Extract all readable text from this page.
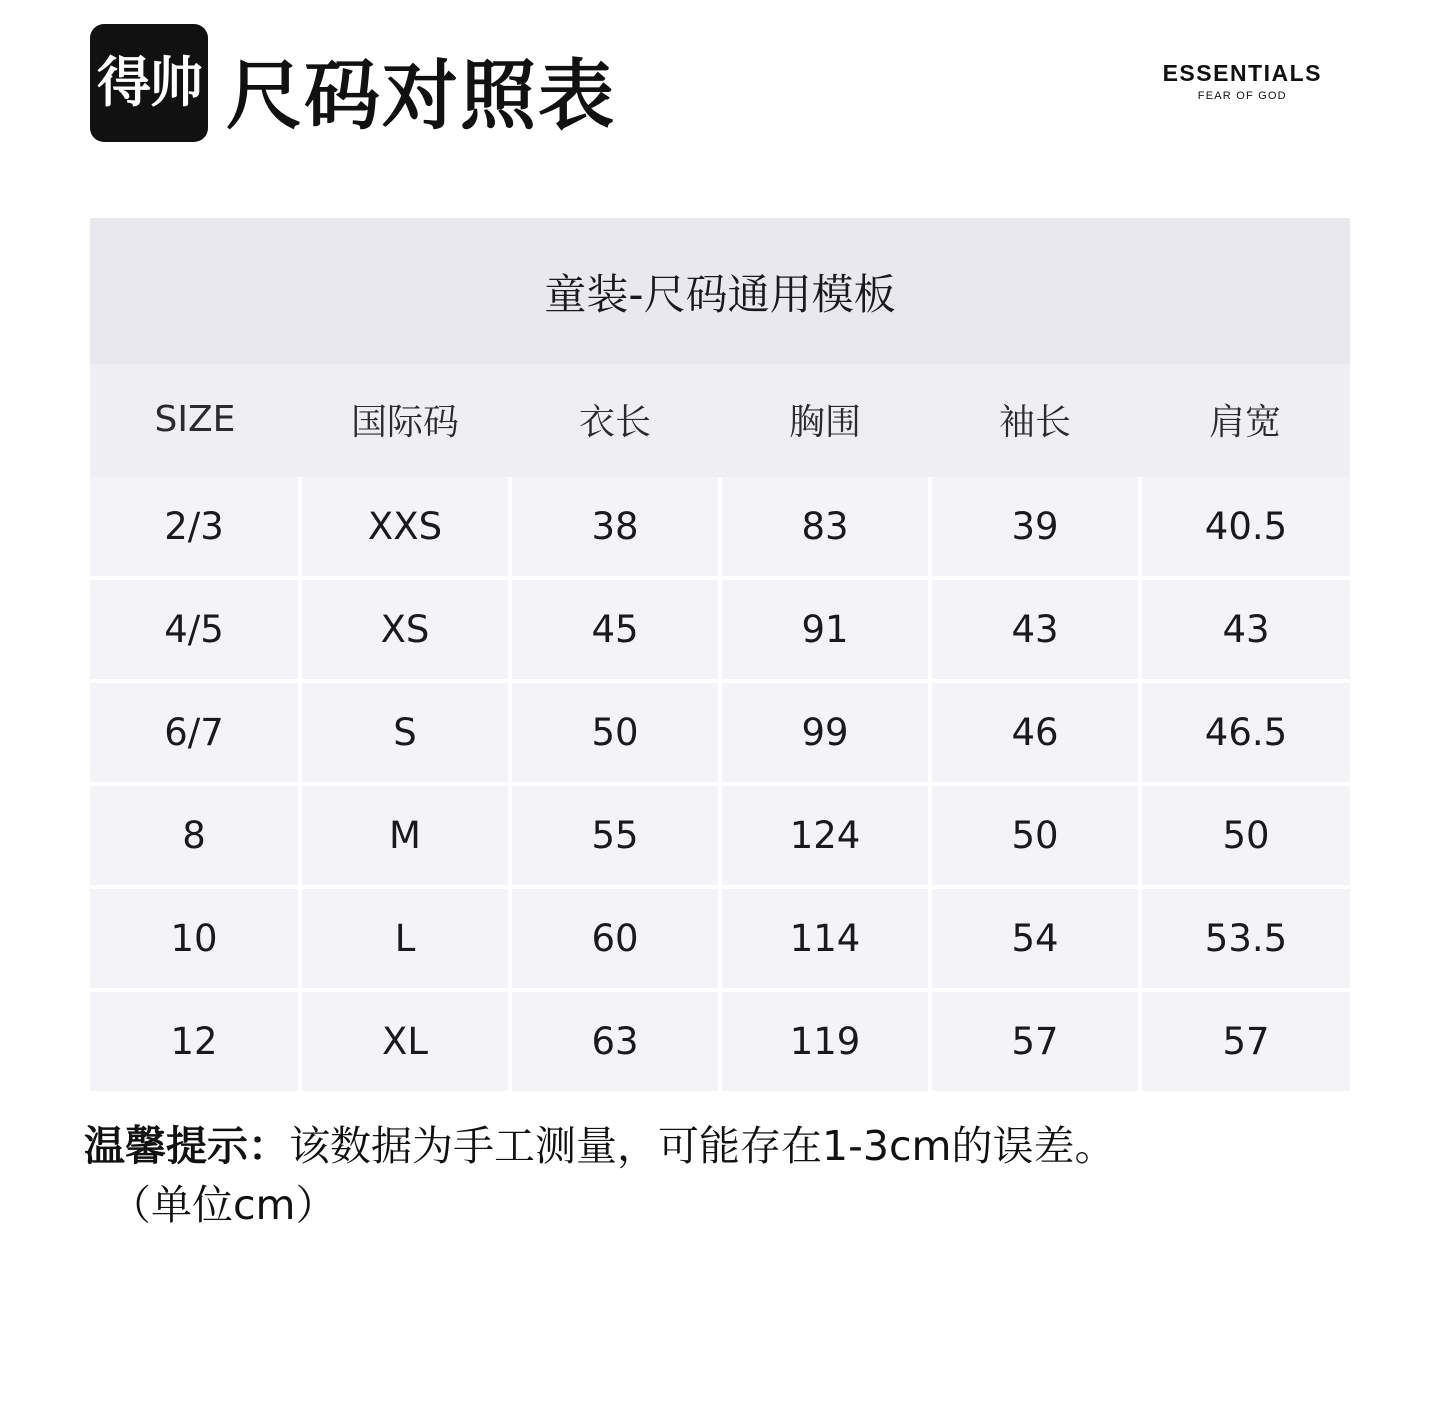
得帅 尺码对照表	ESSENTIALS
FEAR OF GOD
童装-尺码通用模板
SIZE	国际码	衣长	胸围	袖长	肩宽
2/3	XXS	38	83	39	40.5
4/5	XS	45	91	43	43
6/7	S	50	99	46	46.5
8	M	55	124	50	50
10	L	60	114	54	53.5
12	XL	63	119	57	57
温馨提示：该数据为手工测量，可能存在1-3cm的误差。
（单位cm）
